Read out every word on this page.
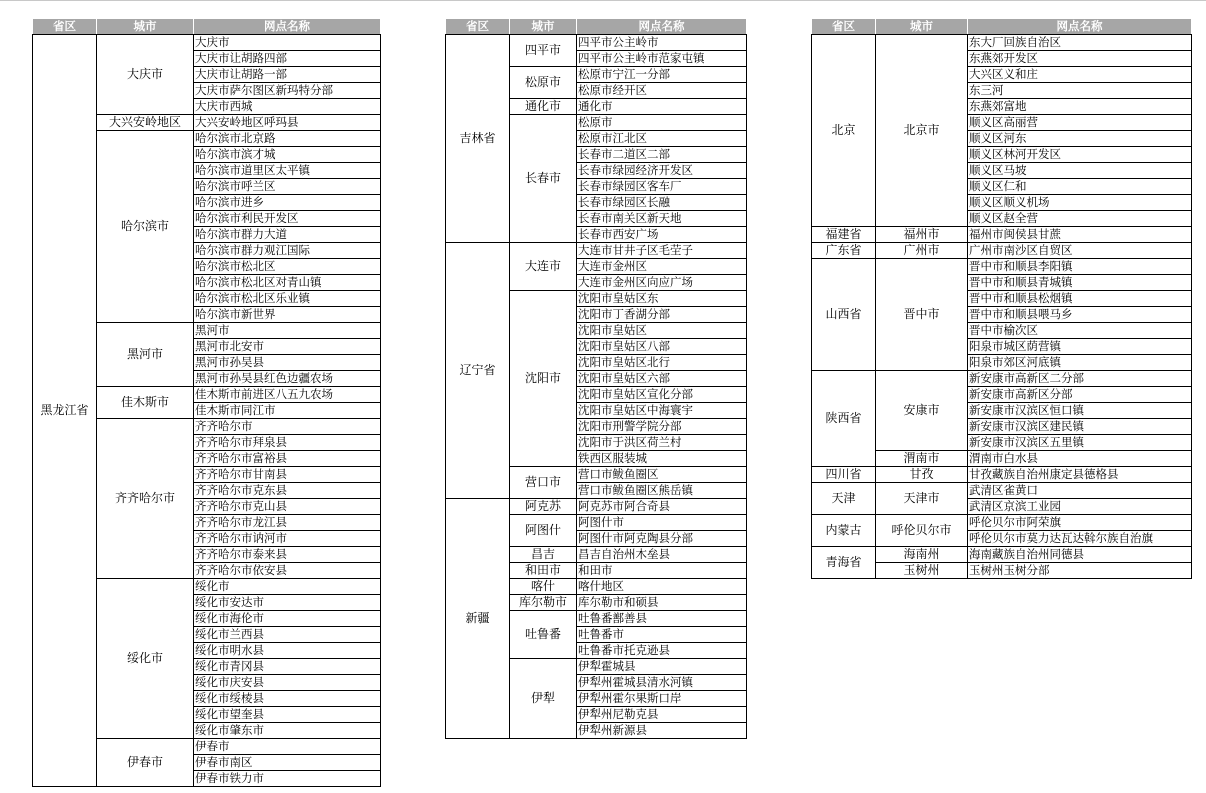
省区	城市	网点名称
黑龙江省	大庆市	大庆市
		大庆市让胡路四部
		大庆市让胡路一部
		大庆市萨尔图区新玛特分部
		大庆市西城
	大兴安岭地区	大兴安岭地区呼玛县
	哈尔滨市	哈尔滨市北京路
		哈尔滨市滨才城
		哈尔滨市道里区太平镇
		哈尔滨市呼兰区
		哈尔滨市进乡
		哈尔滨市利民开发区
		哈尔滨市群力大道
		哈尔滨市群力观江国际
		哈尔滨市松北区
		哈尔滨市松北区对青山镇
		哈尔滨市松北区乐业镇
		哈尔滨市新世界
	黑河市	黑河市
		黑河市北安市
		黑河市孙吴县
		黑河市孙吴县红色边疆农场
	佳木斯市	佳木斯市前进区八五九农场
		佳木斯市同江市
	齐齐哈尔市	齐齐哈尔市
		齐齐哈尔市拜泉县
		齐齐哈尔市富裕县
		齐齐哈尔市甘南县
		齐齐哈尔市克东县
		齐齐哈尔市克山县
		齐齐哈尔市龙江县
		齐齐哈尔市讷河市
		齐齐哈尔市泰来县
		齐齐哈尔市依安县
	绥化市	绥化市
		绥化市安达市
		绥化市海伦市
		绥化市兰西县
		绥化市明水县
		绥化市青冈县
		绥化市庆安县
		绥化市绥棱县
		绥化市望奎县
		绥化市肇东市
	伊春市	伊春市
		伊春市南区
		伊春市铁力市
省区	城市	网点名称
吉林省	四平市	四平市公主岭市
		四平市公主岭市范家屯镇
	松原市	松原市宁江一分部
		松原市经开区
	通化市	通化市
	长春市	松原市
		松原市江北区
		长春市二道区二部
		长春市绿园经济开发区
		长春市绿园区客车厂
		长春市绿园区长融
		长春市南关区新天地
		长春市西安广场
辽宁省	大连市	大连市甘井子区毛茔子
		大连市金州区
		大连市金州区向应广场
	沈阳市	沈阳市皇姑区东
		沈阳市丁香湖分部
		沈阳市皇姑区
		沈阳市皇姑区八部
		沈阳市皇姑区北行
		沈阳市皇姑区六部
		沈阳市皇姑区宣化分部
		沈阳市皇姑区中海寰宇
		沈阳市刑警学院分部
		沈阳市于洪区荷兰村
		铁西区服装城
	营口市	营口市鲅鱼圈区
		营口市鲅鱼圈区熊岳镇
新疆	阿克苏	阿克苏市阿合奇县
	阿图什	阿图什市
		阿图什市阿克陶县分部
	昌吉	昌吉自治州木垒县
	和田市	和田市
	喀什	喀什地区
	库尔勒市	库尔勒市和硕县
	吐鲁番	吐鲁番鄯善县
		吐鲁番市
		吐鲁番市托克逊县
	伊犁	伊犁霍城县
		伊犁州霍城县清水河镇
		伊犁州霍尔果斯口岸
		伊犁州尼勒克县
		伊犁州新源县
省区	城市	网点名称
北京	北京市	东大厂回族自治区
		东燕郊开发区
		大兴区义和庄
		东三河
		东燕郊富地
		顺义区高丽营
		顺义区河东
		顺义区林河开发区
		顺义区马坡
		顺义区仁和
		顺义区顺义机场
		顺义区赵全营
福建省	福州市	福州市闽侯县甘蔗
广东省	广州市	广州市南沙区自贸区
山西省	晋中市	晋中市和顺县李阳镇
		晋中市和顺县青城镇
		晋中市和顺县松烟镇
		晋中市和顺县喂马乡
		晋中市榆次区
		阳泉市城区荫营镇
		阳泉市郊区河底镇
陕西省	安康市	新安康市高新区二分部
		新安康市高新区分部
		新安康市汉滨区恒口镇
		新安康市汉滨区建民镇
		新安康市汉滨区五里镇
	渭南市	渭南市白水县
四川省	甘孜	甘孜藏族自治州康定县德格县
天津	天津市	武清区雀黄口
		武清区京滨工业园
内蒙古	呼伦贝尔市	呼伦贝尔市阿荣旗
		呼伦贝尔市莫力达瓦达斡尔族自治旗
青海省	海南州	海南藏族自治州同德县
	玉树州	玉树州玉树分部
